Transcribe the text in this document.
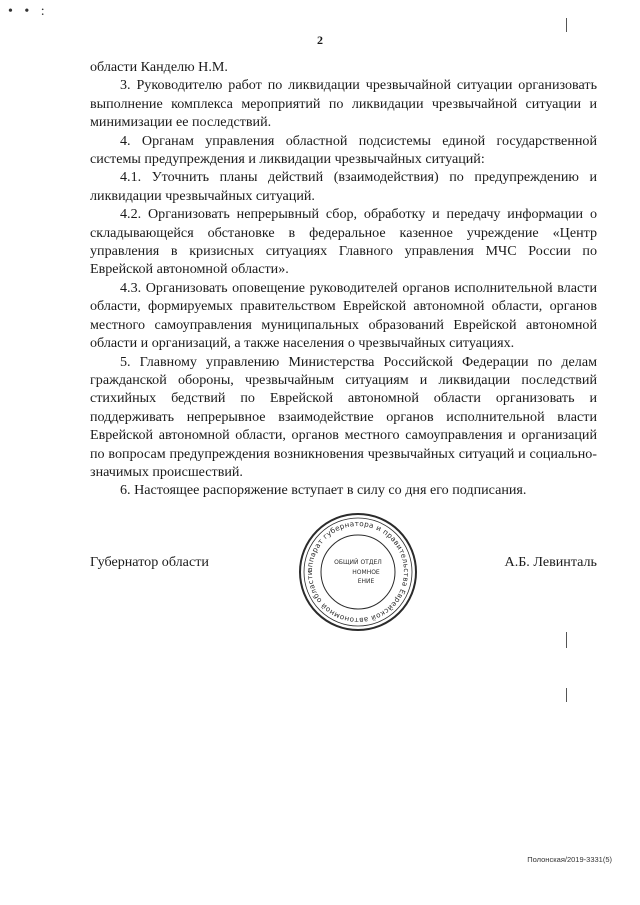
• • :
2

области Канделю Н.М.

3. Руководителю работ по ликвидации чрезвычайной ситуации организовать выполнение комплекса мероприятий по ликвидации чрезвычайной ситуации и минимизации ее последствий.

4. Органам управления областной подсистемы единой государственной системы предупреждения и ликвидации чрезвычайных ситуаций:

4.1. Уточнить планы действий (взаимодействия) по предупреждению и ликвидации чрезвычайных ситуаций.

4.2. Организовать непрерывный сбор, обработку и передачу информации о складывающейся обстановке в федеральное казенное учреждение «Центр управления в кризисных ситуациях Главного управления МЧС России по Еврейской автономной области».

4.3. Организовать оповещение руководителей органов исполнительной власти области, формируемых правительством Еврейской автономной области, органов местного самоуправления муниципальных образований Еврейской автономной области и организаций, а также населения о чрезвычайных ситуациях.

5. Главному управлению Министерства Российской Федерации по делам гражданской обороны, чрезвычайным ситуациям и ликвидации последствий стихийных бедствий по Еврейской автономной области организовать и поддерживать непрерывное взаимодействие органов исполнительной власти Еврейской автономной области, органов местного самоуправления и организаций по вопросам предупреждения возникновения чрезвычайных ситуаций и социально-значимых происшествий.

6. Настоящее распоряжение вступает в силу со дня его подписания.

Губернатор области	А.Б. Левинталь
аппарат губернатора и правительства Еврейской автономной области
ОБЩИЙ ОТДЕЛ
НОМНОЕ
ЕНИЕ
Полонская/2019-3331(5)
